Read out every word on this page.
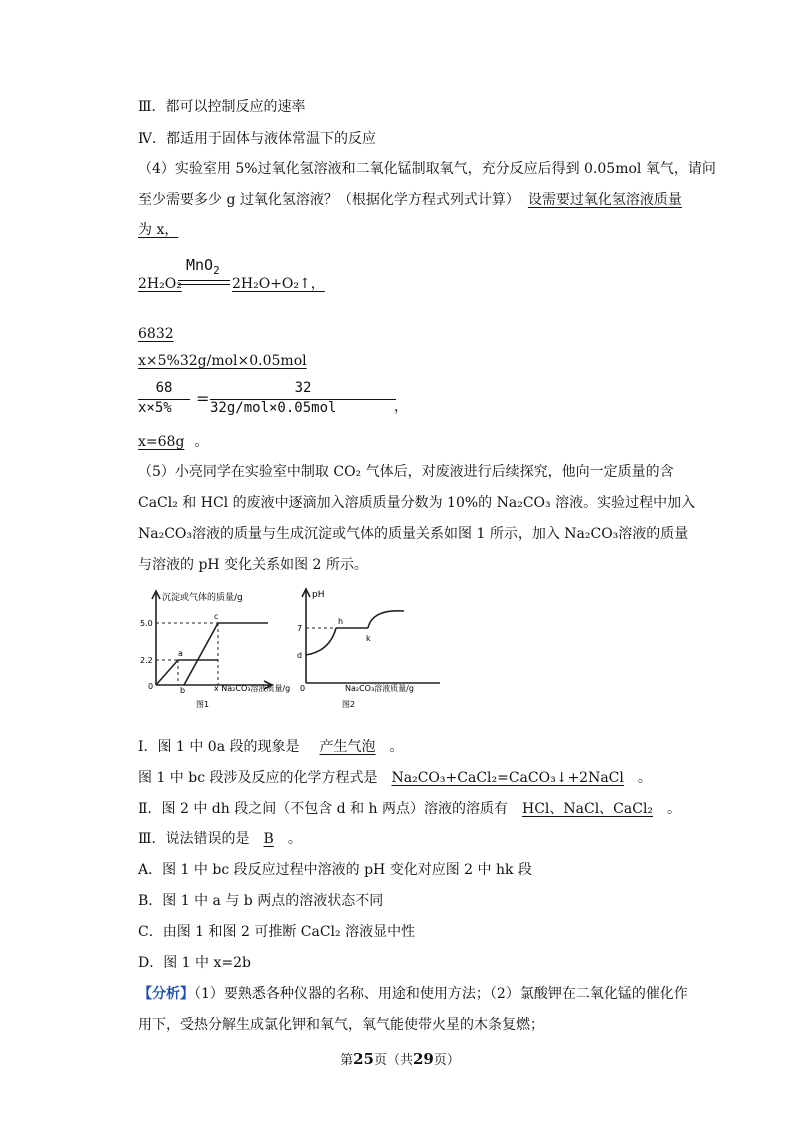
Ⅲ．都可以控制反应的速率
Ⅳ．都适用于固体与液体常温下的反应
（4）实验室用 5%过氧化氢溶液和二氧化锰制取氧气，充分反应后得到 0.05mol 氧气，请问
至少需要多少 g 过氧化氢溶液？（根据化学方程式列式计算） 设需要过氧化氢溶液质量
为 x，
MnO$_2$
2H₂O₂	2H₂O+O₂↑，
6832
x×5%32g/mol×0.05mol
68
x×5% =
32
32g/mol×0.05mol	，
x=68g 。
（5）小亮同学在实验室中制取 CO₂ 气体后，对废液进行后续探究，他向一定质量的含
CaCl₂ 和 HCl 的废液中逐滴加入溶质质量分数为 10%的 Na₂CO₃ 溶液。实验过程中加入
Na₂CO₃溶液的质量与生成沉淀或气体的质量关系如图 1 所示，加入 Na₂CO₃溶液的质量
与溶液的 pH 变化关系如图 2 所示。
沉淀或气体的质量/g
5.0
2.2
0
a
b
c
x Na₂CO₃溶液质量/g
图1
pH
7
d
h
k
0	Na₂CO₃溶液质量/g
图2
I．图 1 中 0a 段的现象是 产生气泡 。
图 1 中 bc 段涉及反应的化学方程式是 Na₂CO₃+CaCl₂=CaCO₃↓+2NaCl 。
Ⅱ．图 2 中 dh 段之间（不包含 d 和 h 两点）溶液的溶质有 HCl、NaCl、CaCl₂ 。
Ⅲ．说法错误的是 B 。
A．图 1 中 bc 段反应过程中溶液的 pH 变化对应图 2 中 hk 段
B．图 1 中 a 与 b 两点的溶液状态不同
C．由图 1 和图 2 可推断 CaCl₂ 溶液显中性
D．图 1 中 x=2b
【分析】（1）要熟悉各种仪器的名称、用途和使用方法；（2）氯酸钾在二氧化锰的催化作
用下，受热分解生成氯化钾和氧气，氧气能使带火星的木条复燃；
第25页（共29页）
